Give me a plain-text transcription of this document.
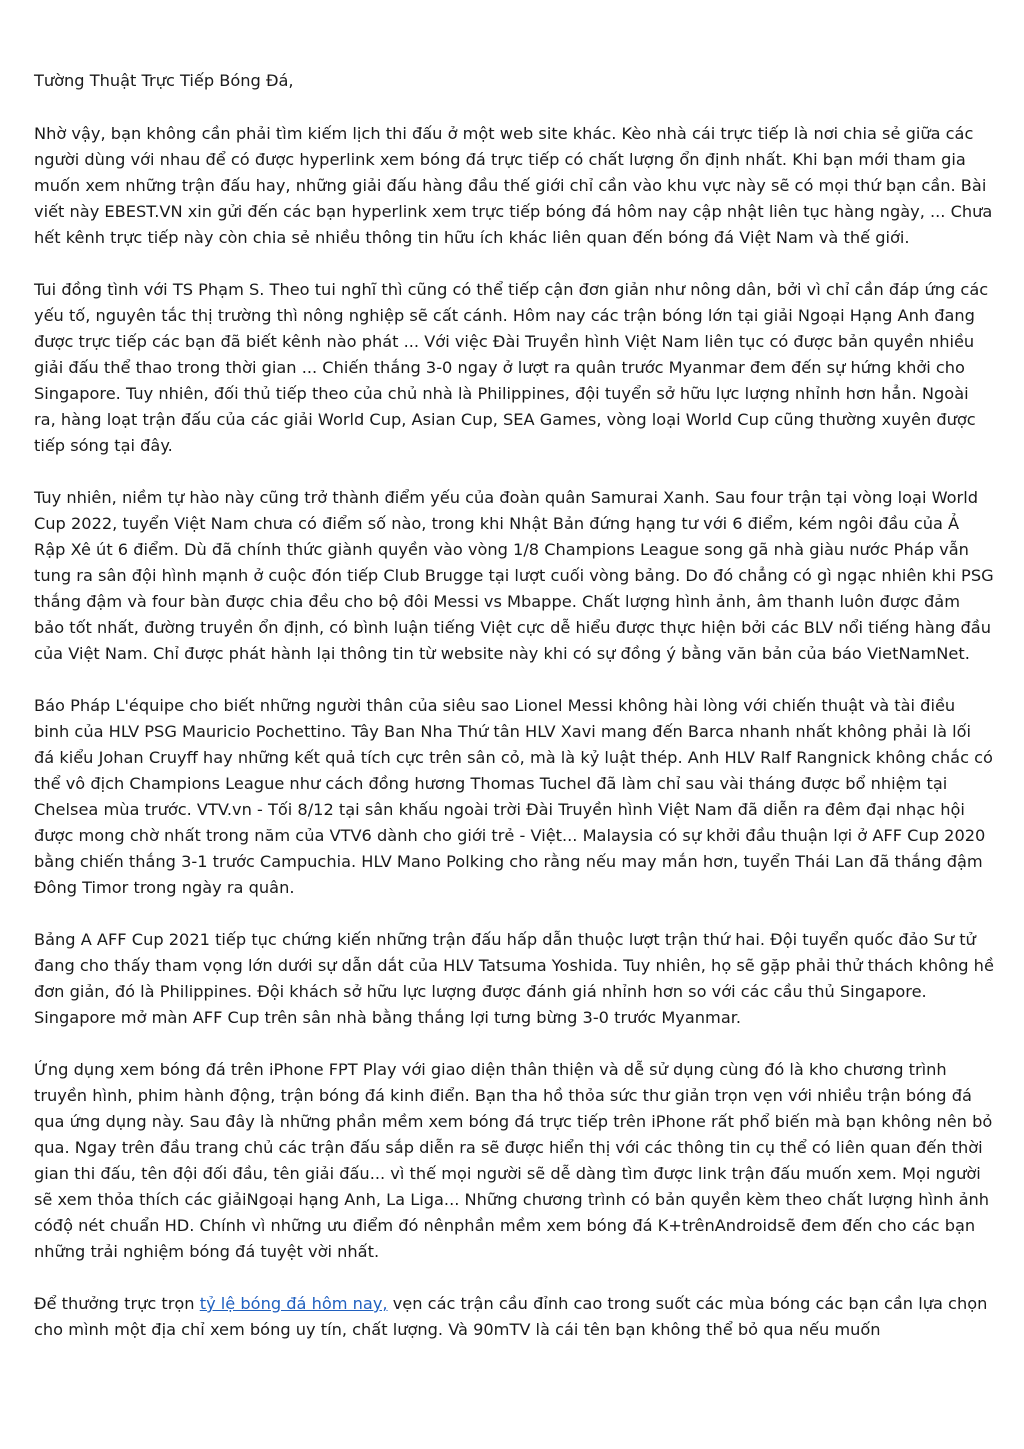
Tường Thuật Trực Tiếp Bóng Đá,

Nhờ vậy, bạn không cần phải tìm kiếm lịch thi đấu ở một web site khác. Kèo nhà cái trực tiếp là nơi chia sẻ giữa các người dùng với nhau để có được hyperlink xem bóng đá trực tiếp có chất lượng ổn định nhất. Khi bạn mới tham gia muốn xem những trận đấu hay, những giải đấu hàng đầu thế giới chỉ cần vào khu vực này sẽ có mọi thứ bạn cần. Bài viết này EBEST.VN xin gửi đến các bạn hyperlink xem trực tiếp bóng đá hôm nay cập nhật liên tục hàng ngày, ... Chưa hết kênh trực tiếp này còn chia sẻ nhiều thông tin hữu ích khác liên quan đến bóng đá Việt Nam và thế giới.

Tui đồng tình với TS Phạm S. Theo tui nghĩ thì cũng có thể tiếp cận đơn giản như nông dân, bởi vì chỉ cần đáp ứng các yếu tố, nguyên tắc thị trường thì nông nghiệp sẽ cất cánh. Hôm nay các trận bóng lớn tại giải Ngoại Hạng Anh đang được trực tiếp các bạn đã biết kênh nào phát ... Với việc Đài Truyền hình Việt Nam liên tục có được bản quyền nhiều giải đấu thể thao trong thời gian ... Chiến thắng 3-0 ngay ở lượt ra quân trước Myanmar đem đến sự hứng khởi cho Singapore. Tuy nhiên, đối thủ tiếp theo của chủ nhà là Philippines, đội tuyển sở hữu lực lượng nhỉnh hơn hẳn. Ngoài ra, hàng loạt trận đấu của các giải World Cup, Asian Cup, SEA Games, vòng loại World Cup cũng thường xuyên được tiếp sóng tại đây.

Tuy nhiên, niềm tự hào này cũng trở thành điểm yếu của đoàn quân Samurai Xanh. Sau four trận tại vòng loại World Cup 2022, tuyển Việt Nam chưa có điểm số nào, trong khi Nhật Bản đứng hạng tư với 6 điểm, kém ngôi đầu của Ả Rập Xê út 6 điểm. Dù đã chính thức giành quyền vào vòng 1/8 Champions League song gã nhà giàu nước Pháp vẫn tung ra sân đội hình mạnh ở cuộc đón tiếp Club Brugge tại lượt cuối vòng bảng. Do đó chẳng có gì ngạc nhiên khi PSG thắng đậm và four bàn được chia đều cho bộ đôi Messi vs Mbappe. Chất lượng hình ảnh, âm thanh luôn được đảm bảo tốt nhất, đường truyền ổn định, có bình luận tiếng Việt cực dễ hiểu được thực hiện bởi các BLV nổi tiếng hàng đầu của Việt Nam. Chỉ được phát hành lại thông tin từ website này khi có sự đồng ý bằng văn bản của báo VietNamNet.

Báo Pháp L'équipe cho biết những người thân của siêu sao Lionel Messi không hài lòng với chiến thuật và tài điều binh của HLV PSG Mauricio Pochettino. Tây Ban Nha Thứ tân HLV Xavi mang đến Barca nhanh nhất không phải là lối đá kiểu Johan Cruyff hay những kết quả tích cực trên sân cỏ, mà là kỷ luật thép. Anh HLV Ralf Rangnick không chắc có thể vô địch Champions League như cách đồng hương Thomas Tuchel đã làm chỉ sau vài tháng được bổ nhiệm tại Chelsea mùa trước. VTV.vn - Tối 8/12 tại sân khấu ngoài trời Đài Truyền hình Việt Nam đã diễn ra đêm đại nhạc hội được mong chờ nhất trong năm của VTV6 dành cho giới trẻ - Việt... Malaysia có sự khởi đầu thuận lợi ở AFF Cup 2020 bằng chiến thắng 3-1 trước Campuchia. HLV Mano Polking cho rằng nếu may mắn hơn, tuyển Thái Lan đã thắng đậm Đông Timor trong ngày ra quân.

Bảng A AFF Cup 2021 tiếp tục chứng kiến những trận đấu hấp dẫn thuộc lượt trận thứ hai. Đội tuyển quốc đảo Sư tử đang cho thấy tham vọng lớn dưới sự dẫn dắt của HLV Tatsuma Yoshida. Tuy nhiên, họ sẽ gặp phải thử thách không hề đơn giản, đó là Philippines. Đội khách sở hữu lực lượng được đánh giá nhỉnh hơn so với các cầu thủ Singapore. Singapore mở màn AFF Cup trên sân nhà bằng thắng lợi tưng bừng 3-0 trước Myanmar.

Ứng dụng xem bóng đá trên iPhone FPT Play với giao diện thân thiện và dễ sử dụng cùng đó là kho chương trình truyền hình, phim hành động, trận bóng đá kinh điển. Bạn tha hồ thỏa sức thư giản trọn vẹn với nhiều trận bóng đá qua ứng dụng này. Sau đây là những phần mềm xem bóng đá trực tiếp trên iPhone rất phổ biến mà bạn không nên bỏ qua. Ngay trên đầu trang chủ các trận đấu sắp diễn ra sẽ được hiển thị với các thông tin cụ thể có liên quan đến thời gian thi đấu, tên đội đối đầu, tên giải đấu... vì thế mọi người sẽ dễ dàng tìm được link trận đấu muốn xem. Mọi người sẽ xem thỏa thích các giảiNgoại hạng Anh, La Liga... Những chương trình có bản quyền kèm theo chất lượng hình ảnh cóđộ nét chuẩn HD. Chính vì những ưu điểm đó nênphần mềm xem bóng đá K+trênAndroidsẽ đem đến cho các bạn những trải nghiệm bóng đá tuyệt vời nhất.

Để thưởng trực trọn tỷ lệ bóng đá hôm nay, vẹn các trận cầu đỉnh cao trong suốt các mùa bóng các bạn cần lựa chọn cho mình một địa chỉ xem bóng uy tín, chất lượng. Và 90mTV là cái tên bạn không thể bỏ qua nếu muốn
